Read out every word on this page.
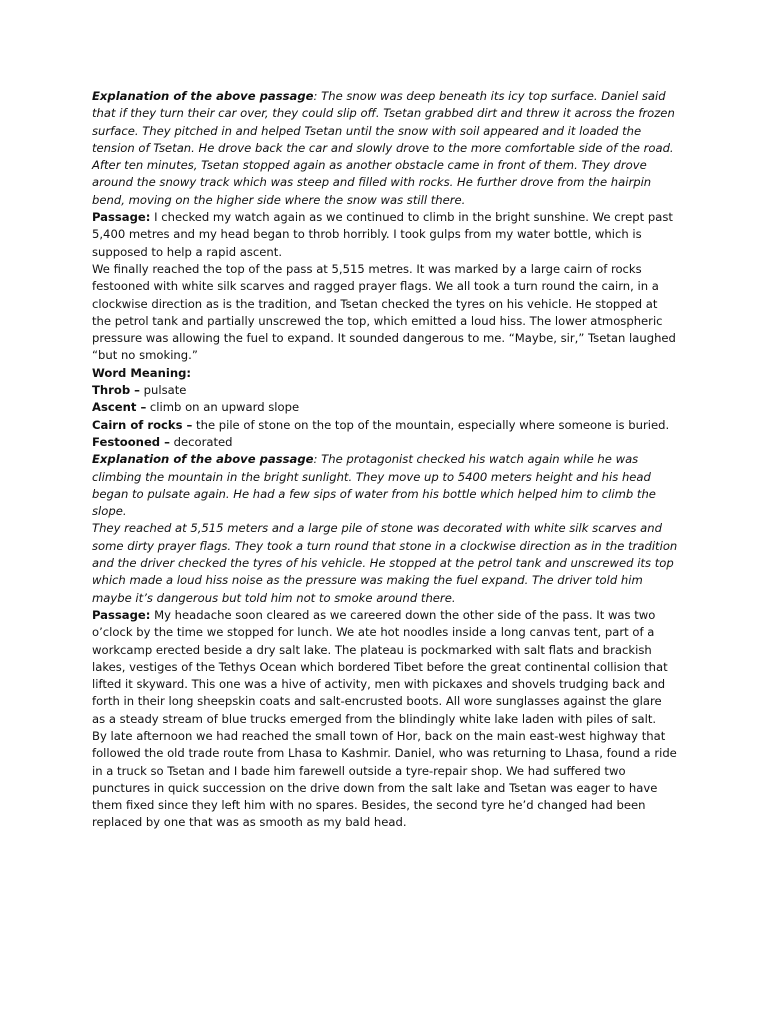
Explanation of the above passage: The snow was deep beneath its icy top surface. Daniel said that if they turn their car over, they could slip off. Tsetan grabbed dirt and threw it across the frozen surface. They pitched in and helped Tsetan until the snow with soil appeared and it loaded the tension of Tsetan. He drove back the car and slowly drove to the more comfortable side of the road.

After ten minutes, Tsetan stopped again as another obstacle came in front of them. They drove around the snowy track which was steep and filled with rocks. He further drove from the hairpin bend, moving on the higher side where the snow was still there.

Passage: I checked my watch again as we continued to climb in the bright sunshine. We crept past 5,400 metres and my head began to throb horribly. I took gulps from my water bottle, which is supposed to help a rapid ascent.

We finally reached the top of the pass at 5,515 metres. It was marked by a large cairn of rocks festooned with white silk scarves and ragged prayer flags. We all took a turn round the cairn, in a clockwise direction as is the tradition, and Tsetan checked the tyres on his vehicle. He stopped at the petrol tank and partially unscrewed the top, which emitted a loud hiss. The lower atmospheric pressure was allowing the fuel to expand. It sounded dangerous to me. “Maybe, sir,” Tsetan laughed “but no smoking.”

Word Meaning:

Throb – pulsate

Ascent – climb on an upward slope

Cairn of rocks – the pile of stone on the top of the mountain, especially where someone is buried.

Festooned – decorated

Explanation of the above passage: The protagonist checked his watch again while he was climbing the mountain in the bright sunlight. They move up to 5400 meters height and his head began to pulsate again. He had a few sips of water from his bottle which helped him to climb the slope.

They reached at 5,515 meters and a large pile of stone was decorated with white silk scarves and some dirty prayer flags. They took a turn round that stone in a clockwise direction as in the tradition and the driver checked the tyres of his vehicle. He stopped at the petrol tank and unscrewed its top which made a loud hiss noise as the pressure was making the fuel expand. The driver told him maybe it’s dangerous but told him not to smoke around there.

Passage: My headache soon cleared as we careered down the other side of the pass. It was two o’clock by the time we stopped for lunch. We ate hot noodles inside a long canvas tent, part of a workcamp erected beside a dry salt lake. The plateau is pockmarked with salt flats and brackish lakes, vestiges of the Tethys Ocean which bordered Tibet before the great continental collision that lifted it skyward. This one was a hive of activity, men with pickaxes and shovels trudging back and forth in their long sheepskin coats and salt-encrusted boots. All wore sunglasses against the glare as a steady stream of blue trucks emerged from the blindingly white lake laden with piles of salt.

By late afternoon we had reached the small town of Hor, back on the main east-west highway that followed the old trade route from Lhasa to Kashmir. Daniel, who was returning to Lhasa, found a ride in a truck so Tsetan and I bade him farewell outside a tyre-repair shop. We had suffered two punctures in quick succession on the drive down from the salt lake and Tsetan was eager to have them fixed since they left him with no spares. Besides, the second tyre he’d changed had been replaced by one that was as smooth as my bald head.
